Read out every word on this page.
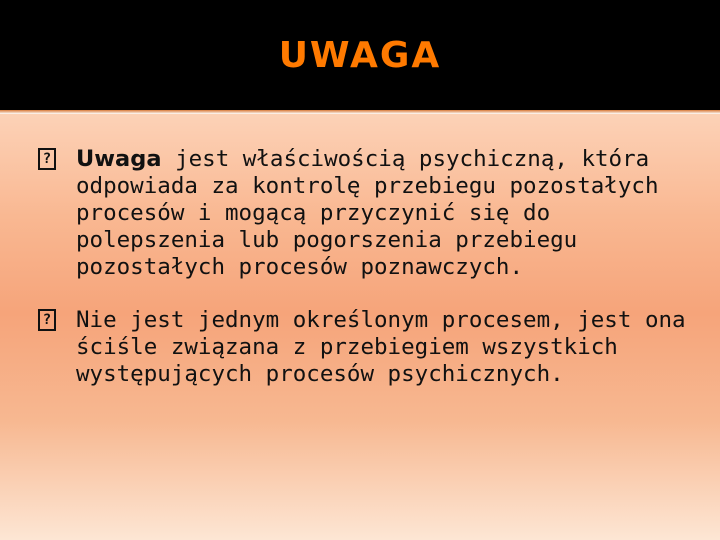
UWAGA

? Uwaga jest właściwością psychiczną, która odpowiada za kontrolę przebiegu pozostałych procesów i mogącą przyczynić się do polepszenia lub pogorszenia przebiegu pozostałych procesów poznawczych.

? Nie jest jednym określonym procesem, jest ona ściśle związana z przebiegiem wszystkich występujących procesów psychicznych.
